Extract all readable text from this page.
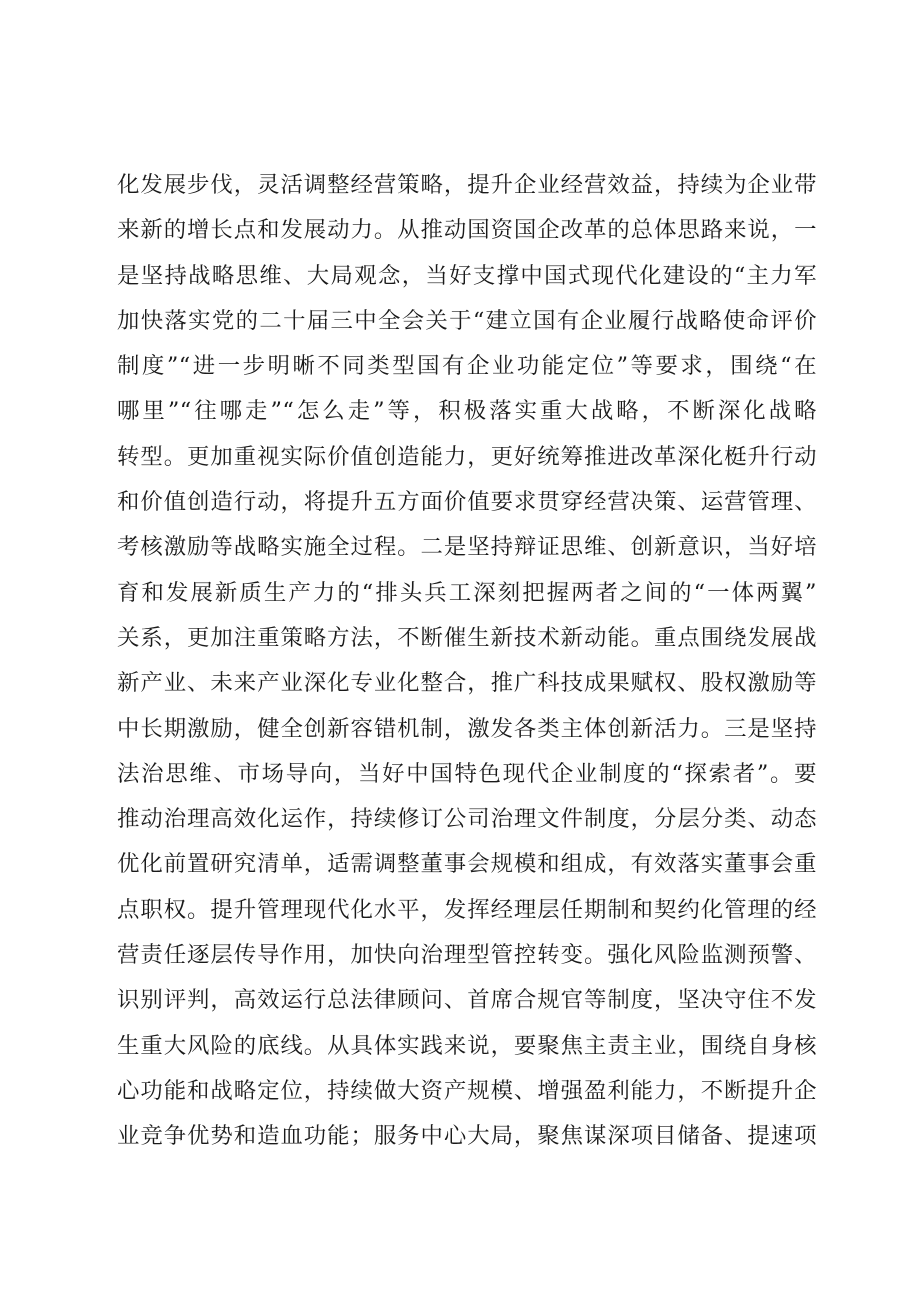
化发展步伐，灵活调整经营策略，提升企业经营效益，持续为企业带
来新的增长点和发展动力。从推动国资国企改革的总体思路来说，一
是坚持战略思维、大局观念，当好支撑中国式现代化建设的“主力军
加快落实党的二十届三中全会关于“建立国有企业履行战略使命评价
制度”“进一步明晰不同类型国有企业功能定位”等要求，围绕“在
哪里”“往哪走”“怎么走”等，积极落实重大战略，不断深化战略
转型。更加重视实际价值创造能力，更好统筹推进改革深化梃升行动
和价值创造行动，将提升五方面价值要求贯穿经营决策、运营管理、
考核激励等战略实施全过程。二是坚持辩证思维、创新意识，当好培
育和发展新质生产力的“排头兵工深刻把握两者之间的“一体两翼”
关系，更加注重策略方法，不断催生新技术新动能。重点围绕发展战
新产业、未来产业深化专业化整合，推广科技成果赋权、股权激励等
中长期激励，健全创新容错机制，激发各类主体创新活力。三是坚持
法治思维、市场导向，当好中国特色现代企业制度的“探索者”。要
推动治理高效化运作，持续修订公司治理文件制度，分层分类、动态
优化前置研究清单，适需调整董事会规模和组成，有效落实董事会重
点职权。提升管理现代化水平，发挥经理层任期制和契约化管理的经
营责任逐层传导作用，加快向治理型管控转变。强化风险监测预警、
识别评判，高效运行总法律顾问、首席合规官等制度，坚决守住不发
生重大风险的底线。从具体实践来说，要聚焦主责主业，围绕自身核
心功能和战略定位，持续做大资产规模、增强盈利能力，不断提升企
业竞争优势和造血功能；服务中心大局，聚焦谋深项目储备、提速项
